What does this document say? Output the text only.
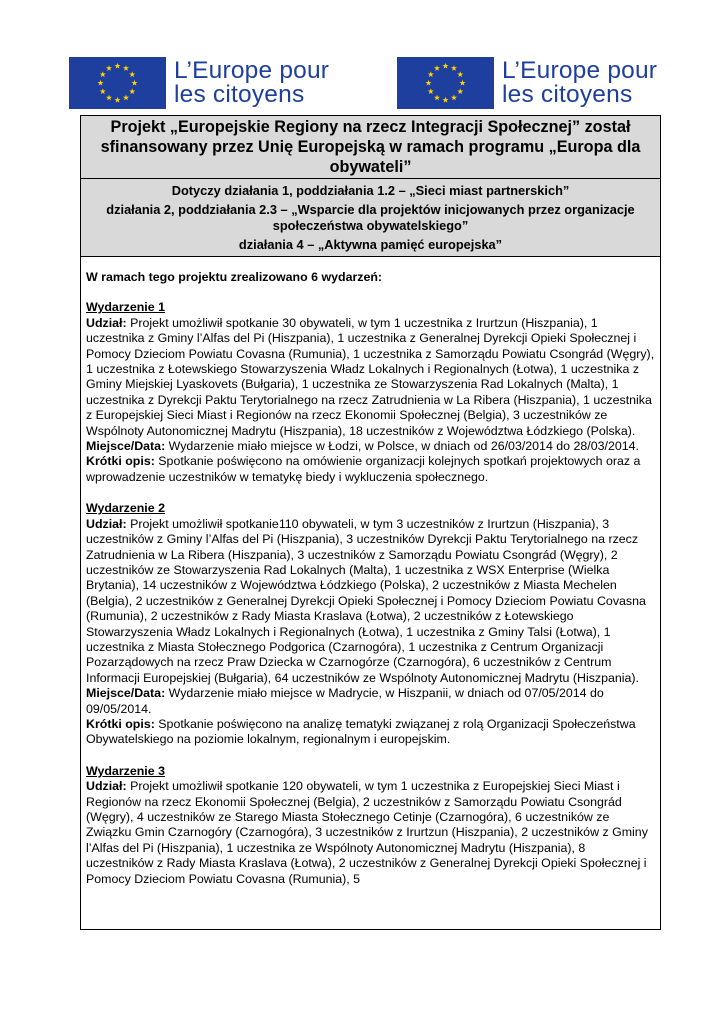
L’Europe pour
les citoyens
L’Europe pour
les citoyens
Projekt „Europejskie Regiony na rzecz Integracji Społecznej” został sfinansowany przez Unię Europejską w ramach programu „Europa dla obywateli”
Dotyczy działania 1, poddziałania 1.2 – „Sieci miast partnerskich”
działania 2, poddziałania 2.3 – „Wsparcie dla projektów inicjowanych przez organizacje społeczeństwa obywatelskiego”
działania 4 – „Aktywna pamięć europejska”
W ramach tego projektu zrealizowano 6 wydarzeń:
Wydarzenie 1
Udział: Projekt umożliwił spotkanie 30 obywateli, w tym 1 uczestnika z Irurtzun (Hiszpania), 1 uczestnika z Gminy l’Alfas del Pi (Hiszpania), 1 uczestnika z Generalnej Dyrekcji Opieki Społecznej i Pomocy Dzieciom Powiatu Covasna (Rumunia), 1 uczestnika z Samorządu Powiatu Csongrád (Węgry), 1 uczestnika z Łotewskiego Stowarzyszenia Władz Lokalnych i Regionalnych (Łotwa), 1 uczestnika z Gminy Miejskiej Lyaskovets (Bułgaria), 1 uczestnika ze Stowarzyszenia Rad Lokalnych (Malta), 1 uczestnika z Dyrekcji Paktu Terytorialnego na rzecz Zatrudnienia w La Ribera (Hiszpania), 1 uczestnika z Europejskiej Sieci Miast i Regionów na rzecz Ekonomii Społecznej (Belgia), 3 uczestników ze Wspólnoty Autonomicznej Madrytu (Hiszpania), 18 uczestników z Województwa Łódzkiego (Polska).
Miejsce/Data: Wydarzenie miało miejsce w Łodzi, w Polsce, w dniach od 26/03/2014 do 28/03/2014.
Krótki opis: Spotkanie poświęcono na omówienie organizacji kolejnych spotkań projektowych oraz a wprowadzenie uczestników w tematykę biedy i wykluczenia społecznego.
Wydarzenie 2
Udział: Projekt umożliwił spotkanie110 obywateli, w tym 3 uczestników z Irurtzun (Hiszpania), 3 uczestników z Gminy l’Alfas del Pi (Hiszpania), 3 uczestników Dyrekcji Paktu Terytorialnego na rzecz Zatrudnienia w La Ribera (Hiszpania), 3 uczestników z Samorządu Powiatu Csongrád (Węgry), 2 uczestników ze Stowarzyszenia Rad Lokalnych (Malta), 1 uczestnika z WSX Enterprise (Wielka Brytania), 14 uczestników z Województwa Łódzkiego (Polska), 2 uczestników z Miasta Mechelen (Belgia), 2 uczestników z Generalnej Dyrekcji Opieki Społecznej i Pomocy Dzieciom Powiatu Covasna (Rumunia), 2 uczestników z Rady Miasta Kraslava (Łotwa), 2 uczestników z Łotewskiego Stowarzyszenia Władz Lokalnych i Regionalnych (Łotwa), 1 uczestnika z Gminy Talsi (Łotwa), 1 uczestnika z Miasta Stołecznego Podgorica (Czarnogóra), 1 uczestnika z Centrum Organizacji Pozarządowych na rzecz Praw Dziecka w Czarnogórze (Czarnogóra), 6 uczestników z Centrum Informacji Europejskiej (Bułgaria), 64 uczestników ze Wspólnoty Autonomicznej Madrytu (Hiszpania).
Miejsce/Data: Wydarzenie miało miejsce w Madrycie, w Hiszpanii, w dniach od 07/05/2014 do 09/05/2014.
Krótki opis: Spotkanie poświęcono na analizę tematyki związanej z rolą Organizacji Społeczeństwa Obywatelskiego na poziomie lokalnym, regionalnym i europejskim.
Wydarzenie 3
Udział: Projekt umożliwił spotkanie 120 obywateli, w tym 1 uczestnika z Europejskiej Sieci Miast i Regionów na rzecz Ekonomii Społecznej (Belgia), 2 uczestników z Samorządu Powiatu Csongrád (Węgry), 4 uczestników ze Starego Miasta Stołecznego Cetinje (Czarnogóra), 6 uczestników ze Związku Gmin Czarnogóry (Czarnogóra), 3 uczestników z Irurtzun (Hiszpania), 2 uczestników z Gminy l’Alfas del Pi (Hiszpania), 1 uczestnika ze Wspólnoty Autonomicznej Madrytu (Hiszpania), 8 uczestników z Rady Miasta Kraslava (Łotwa), 2 uczestników z Generalnej Dyrekcji Opieki Społecznej i Pomocy Dzieciom Powiatu Covasna (Rumunia), 5
